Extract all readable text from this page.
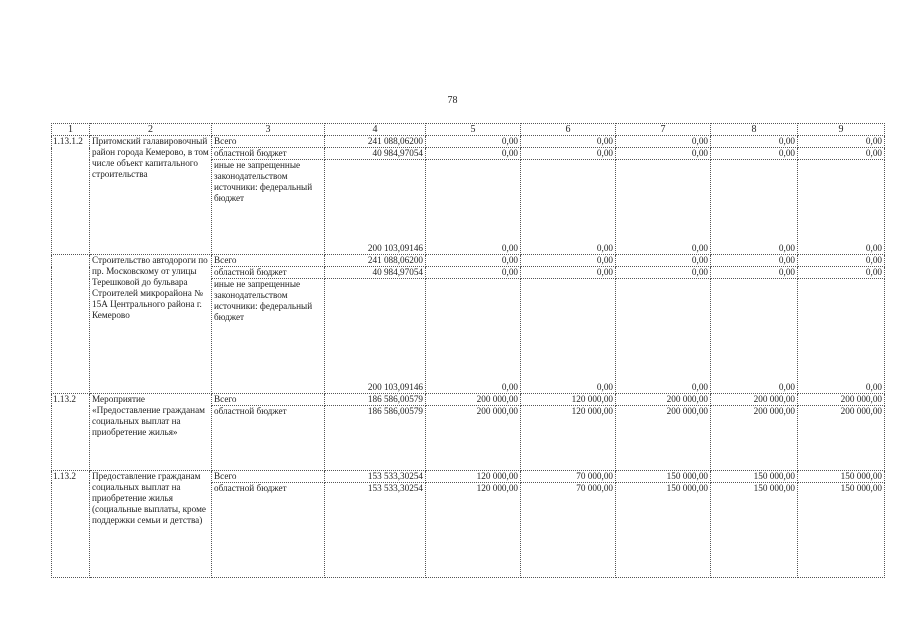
78
1	2	3	4	5	6	7	8	9
1.13.1.2	Притомский галавировочный район города Кемерово, в том числе объект капитального строительства	Всего	241 088,06200	0,00	0,00	0,00	0,00	0,00
		областной бюджет	40 984,97054	0,00	0,00	0,00	0,00	0,00
		иные не запрещенные законодательством источники: федеральный бюджет	200 103,09146	0,00	0,00	0,00	0,00	0,00
	Строительство автодороги по пр. Московскому от улицы Терешковой до бульвара Строителей микрорайона № 15А Центрального района г. Кемерово	Всего	241 088,06200	0,00	0,00	0,00	0,00	0,00
		областной бюджет	40 984,97054	0,00	0,00	0,00	0,00	0,00
		иные не запрещенные законодательством источники: федеральный бюджет	200 103,09146	0,00	0,00	0,00	0,00	0,00
1.13.2	Мероприятие «Предоставление гражданам социальных выплат на приобретение жилья»	Всего	186 586,00579	200 000,00	120 000,00	200 000,00	200 000,00	200 000,00
		областной бюджет	186 586,00579	200 000,00	120 000,00	200 000,00	200 000,00	200 000,00
1.13.2	Предоставление гражданам социальных выплат на приобретение жилья (социальные выплаты, кроме поддержки семьи и детства)	Всего	153 533,30254	120 000,00	70 000,00	150 000,00	150 000,00	150 000,00
		областной бюджет	153 533,30254	120 000,00	70 000,00	150 000,00	150 000,00	150 000,00
